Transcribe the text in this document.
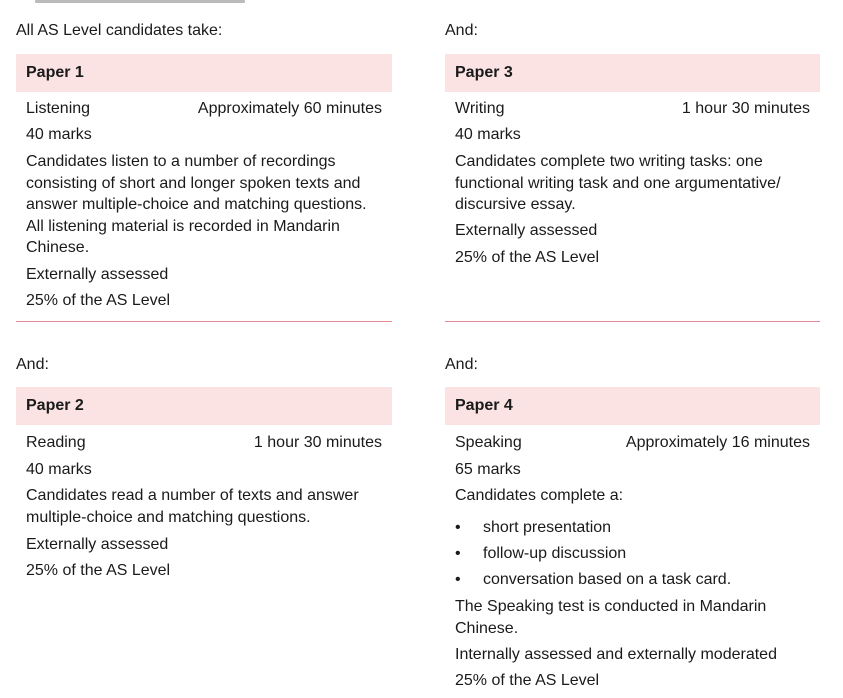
All AS Level candidates take:
Paper 1
Listening	Approximately 60 minutes
40 marks
Candidates listen to a number of recordings consisting of short and longer spoken texts and answer multiple-choice and matching questions. All listening material is recorded in Mandarin Chinese.
Externally assessed
25% of the AS Level
And:
Paper 3
Writing	1 hour 30 minutes
40 marks
Candidates complete two writing tasks: one functional writing task and one argumentative/ discursive essay.
Externally assessed
25% of the AS Level
And:
Paper 2
Reading	1 hour 30 minutes
40 marks
Candidates read a number of texts and answer multiple-choice and matching questions.
Externally assessed
25% of the AS Level
And:
Paper 4
Speaking	Approximately 16 minutes
65 marks
Candidates complete a:
• short presentation
• follow-up discussion
• conversation based on a task card.
The Speaking test is conducted in Mandarin Chinese.
Internally assessed and externally moderated
25% of the AS Level
